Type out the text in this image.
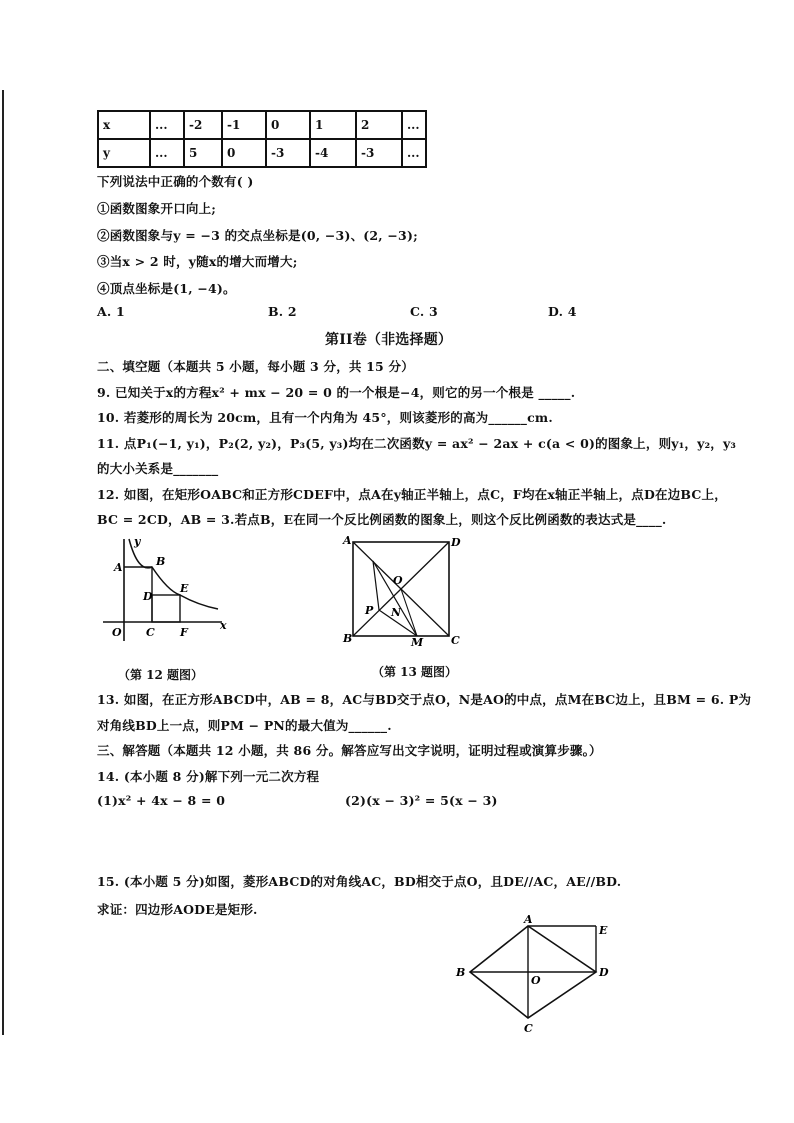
x	...	-2	-1	0	1	2	...
y	...	5	0	-3	-4	-3	...
下列说法中正确的个数有( )
①函数图象开口向上;
②函数图象与y = −3 的交点坐标是(0, −3)、(2, −3);
③当x > 2 时，y随x的增大而增大;
④顶点坐标是(1, −4)。
A. 1	B. 2	C. 3	D. 4
第II卷（非选择题）
二、填空题（本题共 5 小题，每小题 3 分，共 15 分）
9. 已知关于x的方程x² + mx − 20 = 0 的一个根是−4，则它的另一个根是 _____.
10. 若菱形的周长为 20cm，且有一个内角为 45°，则该菱形的高为______cm.
11. 点P₁(−1, y₁)，P₂(2, y₂)，P₃(5, y₃)均在二次函数y = ax² − 2ax + c(a < 0)的图象上，则y₁，y₂，y₃
的大小关系是_______
12. 如图，在矩形OABC和正方形CDEF中，点A在y轴正半轴上，点C，F均在x轴正半轴上，点D在边BC上，
BC = 2CD，AB = 3.若点B，E在同一个反比例函数的图象上，则这个反比例函数的表达式是____.
y
x
A	B
D
E
O C F
（第 12 题图）
A	D
O
P N
B	M	C
（第 13 题图）
13. 如图，在正方形ABCD中，AB = 8，AC与BD交于点O，N是AO的中点，点M在BC边上，且BM = 6. P为
对角线BD上一点，则PM − PN的最大值为______.
三、解答题（本题共 12 小题，共 86 分。解答应写出文字说明，证明过程或演算步骤。）
14. (本小题 8 分)解下列一元二次方程
(1)x² + 4x − 8 = 0	(2)(x − 3)² = 5(x − 3)
15. (本小题 5 分)如图，菱形ABCD的对角线AC，BD相交于点O，且DE//AC，AE//BD.
求证：四边形AODE是矩形.
A
E
B
O
D
C
